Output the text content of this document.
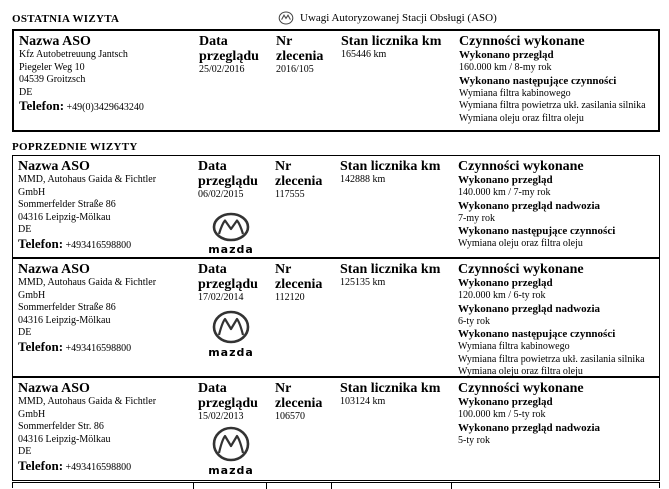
OSTATNIA WIZYTA	Uwagi Autoryzowanej Stacji Obsługi (ASO)
Nazwa ASO
Kfz Autobetreuung Jantsch
Piegeler Weg 10
04539 Groitzsch
DE
Telefon: +49(0)3429643240
Data
przeglądu
25/02/2016
Nr
zlecenia
2016/105
Stan licznika km
165446 km
Czynności wykonane
Wykonano przegląd
160.000 km / 8-my rok
Wykonano następujące czynności
Wymiana filtra kabinowego
Wymiana filtra powietrza ukł. zasilania silnika
Wymiana oleju oraz filtra oleju
POPRZEDNIE WIZYTY
Nazwa ASO
MMD, Autohaus Gaida & Fichtler
GmbH
Sommerfelder Straße 86
04316 Leipzig-Mölkau
DE
Telefon: +493416598800
Data
przeglądu
06/02/2015
mazda
Nr
zlecenia
117555
Stan licznika km
142888 km
Czynności wykonane
Wykonano przegląd
140.000 km / 7-my rok
Wykonano przegląd nadwozia
7-my rok
Wykonano następujące czynności
Wymiana oleju oraz filtra oleju
Nazwa ASO
MMD, Autohaus Gaida & Fichtler
GmbH
Sommerfelder Straße 86
04316 Leipzig-Mölkau
DE
Telefon: +493416598800
Data
przeglądu
17/02/2014
mazda
Nr
zlecenia
112120
Stan licznika km
125135 km
Czynności wykonane
Wykonano przegląd
120.000 km / 6-ty rok
Wykonano przegląd nadwozia
6-ty rok
Wykonano następujące czynności
Wymiana filtra kabinowego
Wymiana filtra powietrza ukł. zasilania silnika
Wymiana oleju oraz filtra oleju
Nazwa ASO
MMD, Autohaus Gaida & Fichtler
GmbH
Sommerfelder Str. 86
04316 Leipzig-Mölkau
DE
Telefon: +493416598800
Data
przeglądu
15/02/2013
mazda
Nr
zlecenia
106570
Stan licznika km
103124 km
Czynności wykonane
Wykonano przegląd
100.000 km / 5-ty rok
Wykonano przegląd nadwozia
5-ty rok
